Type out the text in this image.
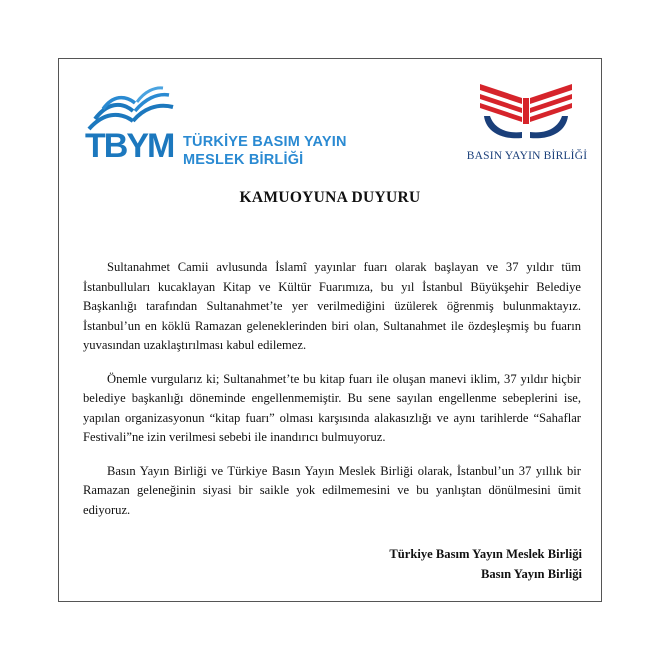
TBYM TÜRKİYE BASIM YAYIN
MESLEK BİRLİĞİ	BASIN YAYIN BİRLİĞİ
KAMUOYUNA DUYURU

Sultanahmet Camii avlusunda İslamî yayınlar fuarı olarak başlayan ve 37 yıldır tüm İstanbulluları kucaklayan Kitap ve Kültür Fuarımıza, bu yıl İstanbul Büyükşehir Belediye Başkanlığı tarafından Sultanahmet’te yer verilmediğini üzülerek öğrenmiş bulunmaktayız. İstanbul’un en köklü Ramazan geleneklerinden biri olan, Sultanahmet ile özdeşleşmiş bu fuarın yuvasından uzaklaştırılması kabul edilemez.

Önemle vurgularız ki; Sultanahmet’te bu kitap fuarı ile oluşan manevi iklim, 37 yıldır hiçbir belediye başkanlığı döneminde engellenmemiştir. Bu sene sayılan engellenme sebeplerini ise, yapılan organizasyonun “kitap fuarı” olması karşısında alakasızlığı ve aynı tarihlerde “Sahaflar Festivali”ne izin verilmesi sebebi ile inandırıcı bulmuyoruz.

Basın Yayın Birliği ve Türkiye Basın Yayın Meslek Birliği olarak, İstanbul’un 37 yıllık bir Ramazan geleneğinin siyasi bir saikle yok edilmemesini ve bu yanlıştan dönülmesini ümit ediyoruz.

Türkiye Basım Yayın Meslek Birliği
Basın Yayın Birliği
